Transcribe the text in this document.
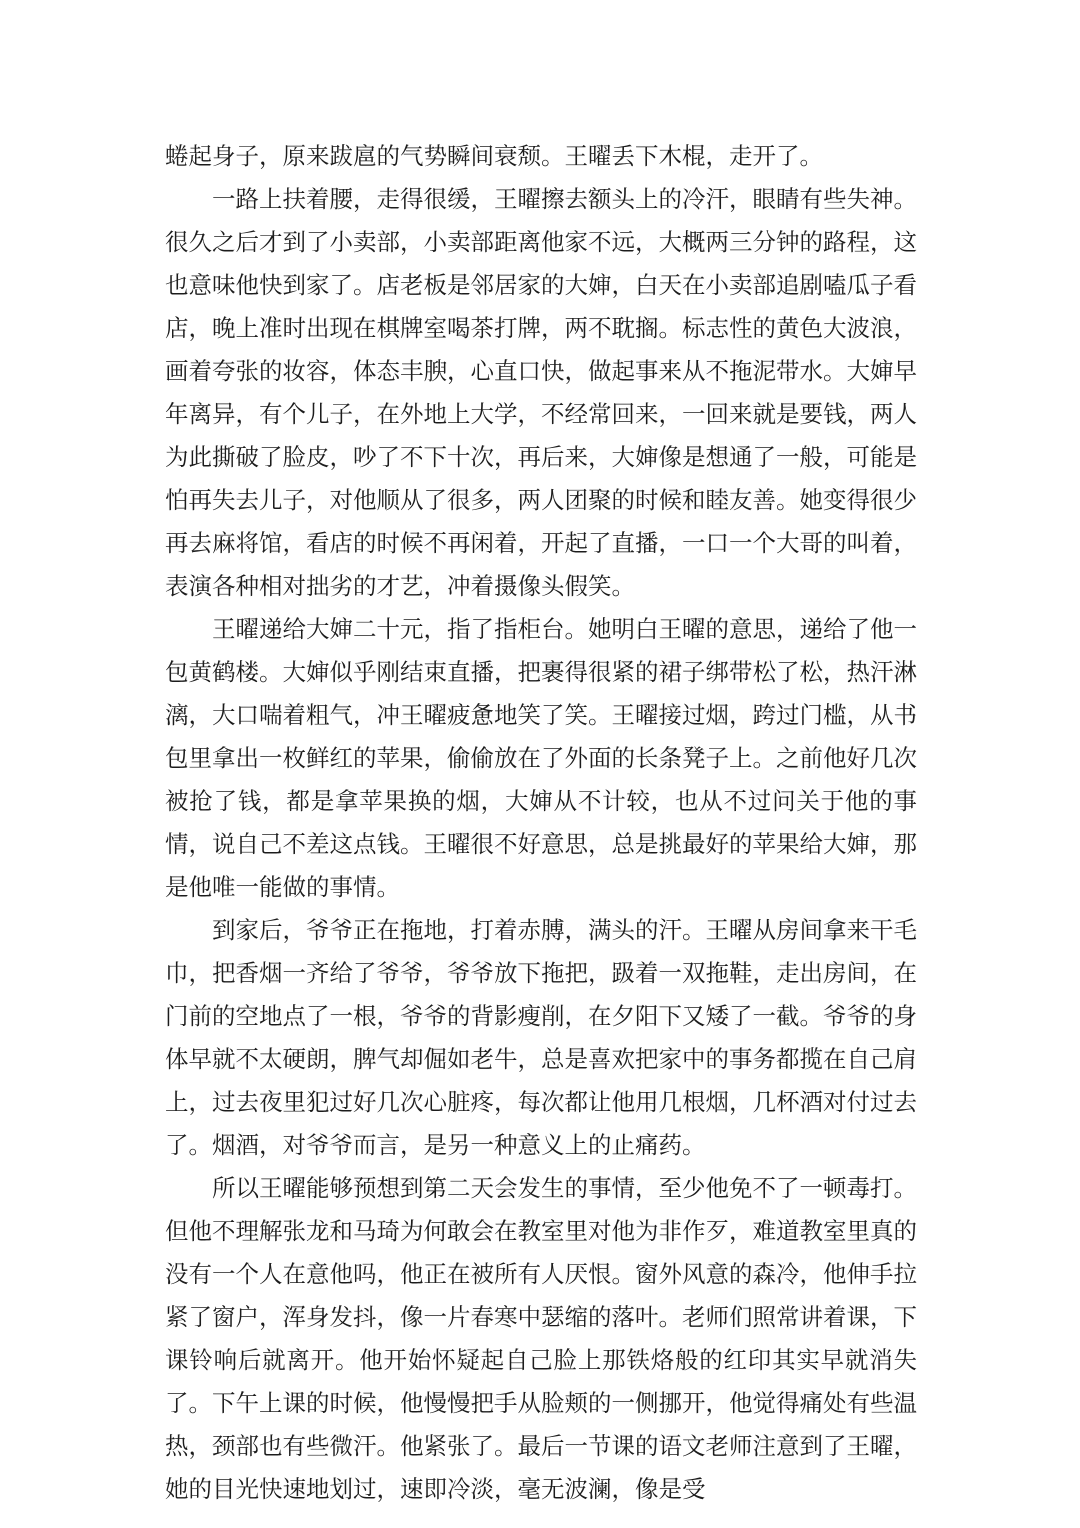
蜷起身子，原来跋扈的气势瞬间衰颓。王曜丢下木棍，走开了。

一路上扶着腰，走得很缓，王曜擦去额头上的冷汗，眼睛有些失神。很久之后才到了小卖部，小卖部距离他家不远，大概两三分钟的路程，这也意味他快到家了。店老板是邻居家的大婶，白天在小卖部追剧嗑瓜子看店，晚上准时出现在棋牌室喝茶打牌，两不耽搁。标志性的黄色大波浪，画着夸张的妆容，体态丰腴，心直口快，做起事来从不拖泥带水。大婶早年离异，有个儿子，在外地上大学，不经常回来，一回来就是要钱，两人为此撕破了脸皮，吵了不下十次，再后来，大婶像是想通了一般，可能是怕再失去儿子，对他顺从了很多，两人团聚的时候和睦友善。她变得很少再去麻将馆，看店的时候不再闲着，开起了直播，一口一个大哥的叫着，表演各种相对拙劣的才艺，冲着摄像头假笑。

王曜递给大婶二十元，指了指柜台。她明白王曜的意思，递给了他一包黄鹤楼。大婶似乎刚结束直播，把裹得很紧的裙子绑带松了松，热汗淋漓，大口喘着粗气，冲王曜疲惫地笑了笑。王曜接过烟，跨过门槛，从书包里拿出一枚鲜红的苹果，偷偷放在了外面的长条凳子上。之前他好几次被抢了钱，都是拿苹果换的烟，大婶从不计较，也从不过问关于他的事情，说自己不差这点钱。王曜很不好意思，总是挑最好的苹果给大婶，那是他唯一能做的事情。

到家后，爷爷正在拖地，打着赤膊，满头的汗。王曜从房间拿来干毛巾，把香烟一齐给了爷爷，爷爷放下拖把，趿着一双拖鞋，走出房间，在门前的空地点了一根，爷爷的背影瘦削，在夕阳下又矮了一截。爷爷的身体早就不太硬朗，脾气却倔如老牛，总是喜欢把家中的事务都揽在自己肩上，过去夜里犯过好几次心脏疼，每次都让他用几根烟，几杯酒对付过去了。烟酒，对爷爷而言，是另一种意义上的止痛药。

所以王曜能够预想到第二天会发生的事情，至少他免不了一顿毒打。但他不理解张龙和马琦为何敢会在教室里对他为非作歹，难道教室里真的没有一个人在意他吗，他正在被所有人厌恨。窗外风意的森冷，他伸手拉紧了窗户，浑身发抖，像一片春寒中瑟缩的落叶。老师们照常讲着课，下课铃响后就离开。他开始怀疑起自己脸上那铁烙般的红印其实早就消失了。下午上课的时候，他慢慢把手从脸颊的一侧挪开，他觉得痛处有些温热，颈部也有些微汗。他紧张了。最后一节课的语文老师注意到了王曜，她的目光快速地划过，速即冷淡，毫无波澜，像是受
